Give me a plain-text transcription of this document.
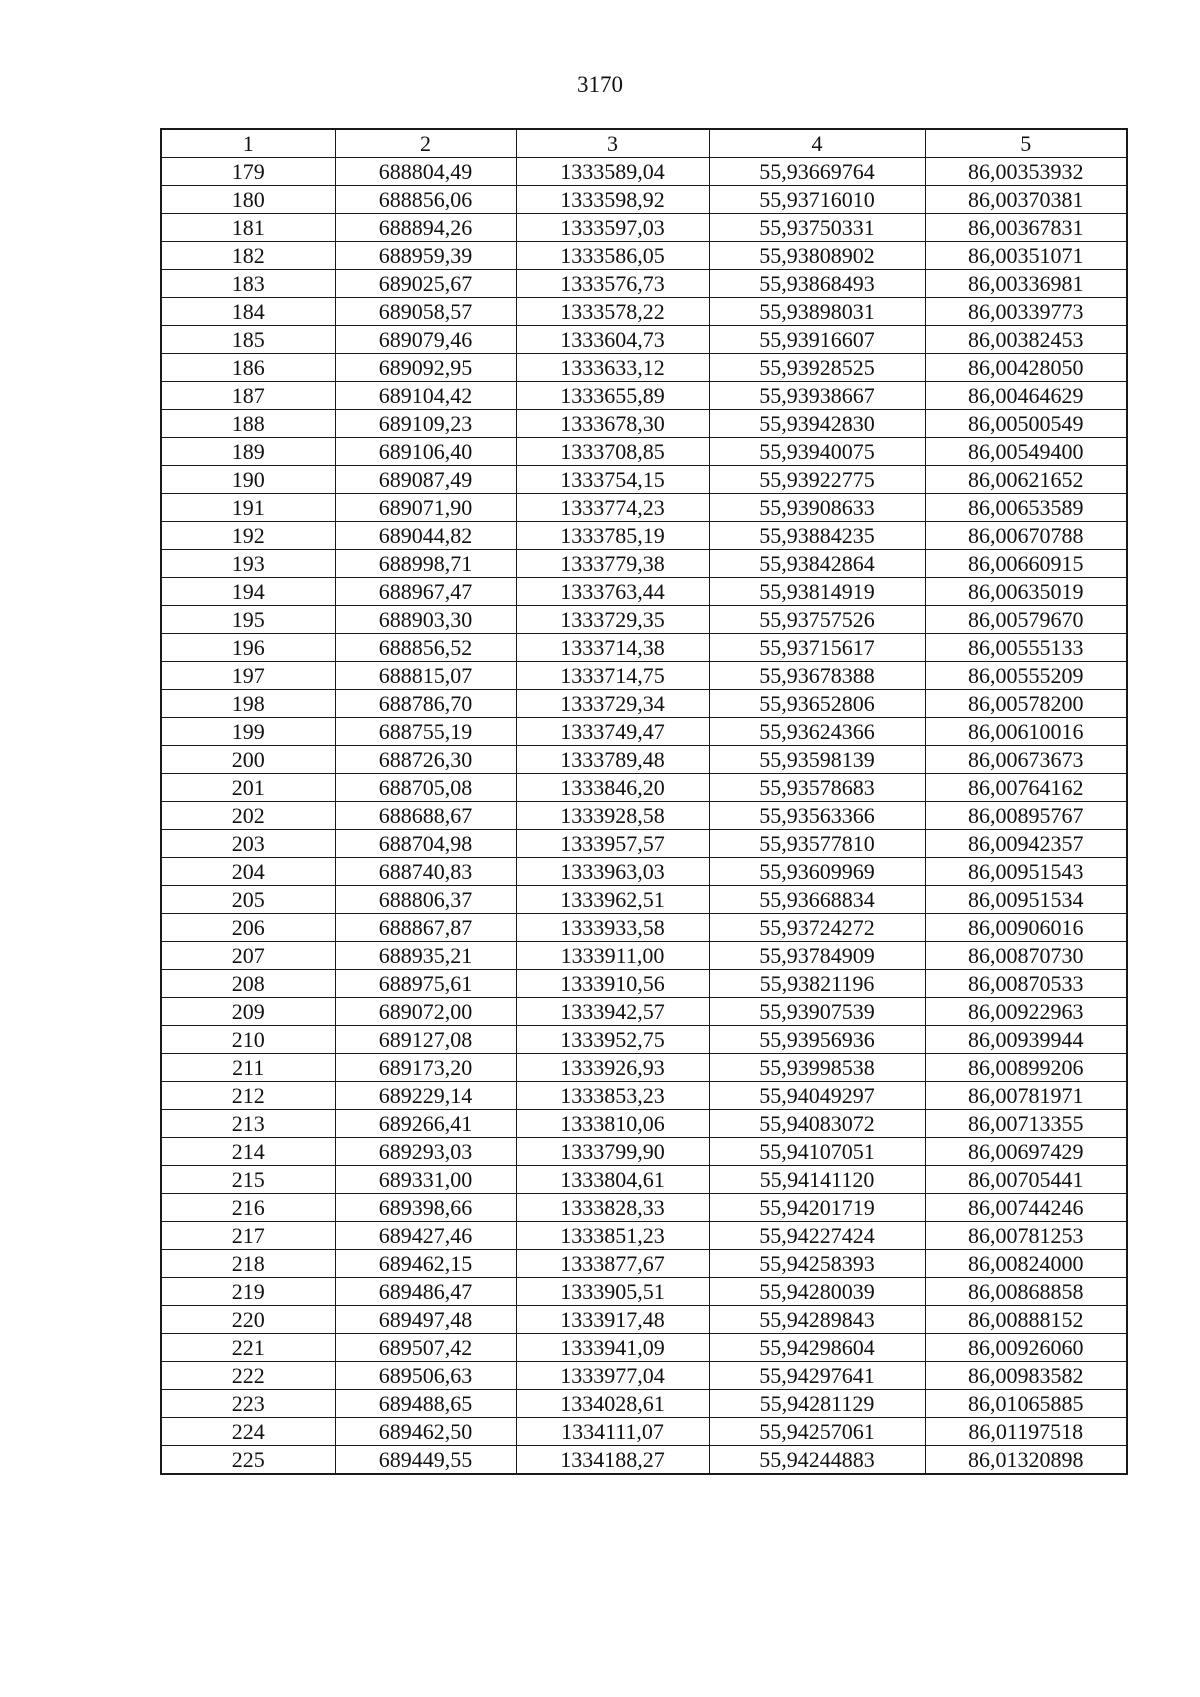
3170
1	2	3	4	5
179	688804,49	1333589,04	55,93669764	86,00353932
180	688856,06	1333598,92	55,93716010	86,00370381
181	688894,26	1333597,03	55,93750331	86,00367831
182	688959,39	1333586,05	55,93808902	86,00351071
183	689025,67	1333576,73	55,93868493	86,00336981
184	689058,57	1333578,22	55,93898031	86,00339773
185	689079,46	1333604,73	55,93916607	86,00382453
186	689092,95	1333633,12	55,93928525	86,00428050
187	689104,42	1333655,89	55,93938667	86,00464629
188	689109,23	1333678,30	55,93942830	86,00500549
189	689106,40	1333708,85	55,93940075	86,00549400
190	689087,49	1333754,15	55,93922775	86,00621652
191	689071,90	1333774,23	55,93908633	86,00653589
192	689044,82	1333785,19	55,93884235	86,00670788
193	688998,71	1333779,38	55,93842864	86,00660915
194	688967,47	1333763,44	55,93814919	86,00635019
195	688903,30	1333729,35	55,93757526	86,00579670
196	688856,52	1333714,38	55,93715617	86,00555133
197	688815,07	1333714,75	55,93678388	86,00555209
198	688786,70	1333729,34	55,93652806	86,00578200
199	688755,19	1333749,47	55,93624366	86,00610016
200	688726,30	1333789,48	55,93598139	86,00673673
201	688705,08	1333846,20	55,93578683	86,00764162
202	688688,67	1333928,58	55,93563366	86,00895767
203	688704,98	1333957,57	55,93577810	86,00942357
204	688740,83	1333963,03	55,93609969	86,00951543
205	688806,37	1333962,51	55,93668834	86,00951534
206	688867,87	1333933,58	55,93724272	86,00906016
207	688935,21	1333911,00	55,93784909	86,00870730
208	688975,61	1333910,56	55,93821196	86,00870533
209	689072,00	1333942,57	55,93907539	86,00922963
210	689127,08	1333952,75	55,93956936	86,00939944
211	689173,20	1333926,93	55,93998538	86,00899206
212	689229,14	1333853,23	55,94049297	86,00781971
213	689266,41	1333810,06	55,94083072	86,00713355
214	689293,03	1333799,90	55,94107051	86,00697429
215	689331,00	1333804,61	55,94141120	86,00705441
216	689398,66	1333828,33	55,94201719	86,00744246
217	689427,46	1333851,23	55,94227424	86,00781253
218	689462,15	1333877,67	55,94258393	86,00824000
219	689486,47	1333905,51	55,94280039	86,00868858
220	689497,48	1333917,48	55,94289843	86,00888152
221	689507,42	1333941,09	55,94298604	86,00926060
222	689506,63	1333977,04	55,94297641	86,00983582
223	689488,65	1334028,61	55,94281129	86,01065885
224	689462,50	1334111,07	55,94257061	86,01197518
225	689449,55	1334188,27	55,94244883	86,01320898
